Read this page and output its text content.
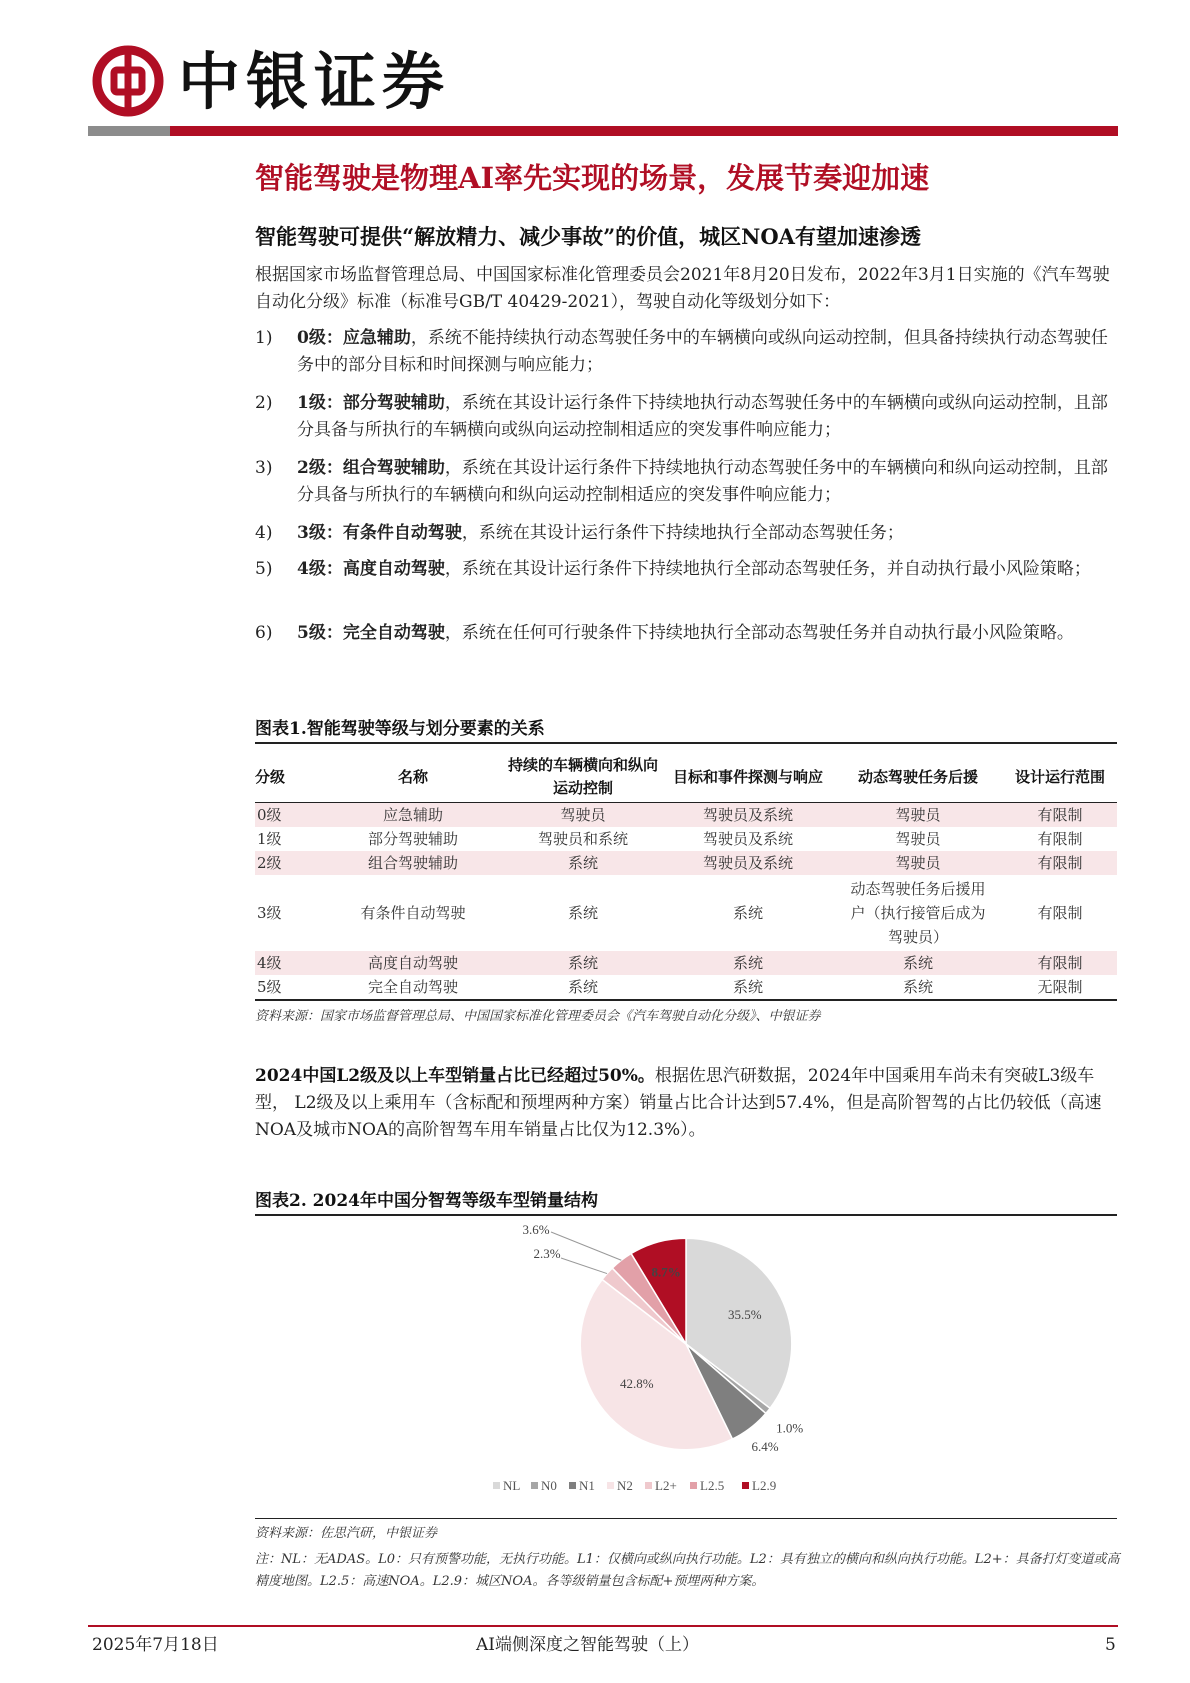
中银证券
智能驾驶是物理AI率先实现的场景，发展节奏迎加速
智能驾驶可提供“解放精力、减少事故”的价值，城区NOA有望加速渗透
根据国家市场监督管理总局、中国国家标准化管理委员会2021年8月20日发布，2022年3月1日实施的《汽车驾驶自动化分级》标准（标准号GB/T 40429-2021），驾驶自动化等级划分如下：
1) 0级：应急辅助，系统不能持续执行动态驾驶任务中的车辆横向或纵向运动控制，但具备持续执行动态驾驶任务中的部分目标和时间探测与响应能力；
2) 1级：部分驾驶辅助，系统在其设计运行条件下持续地执行动态驾驶任务中的车辆横向或纵向运动控制，且部分具备与所执行的车辆横向或纵向运动控制相适应的突发事件响应能力；
3) 2级：组合驾驶辅助，系统在其设计运行条件下持续地执行动态驾驶任务中的车辆横向和纵向运动控制，且部分具备与所执行的车辆横向和纵向运动控制相适应的突发事件响应能力；
4) 3级：有条件自动驾驶，系统在其设计运行条件下持续地执行全部动态驾驶任务；
5) 4级：高度自动驾驶，系统在其设计运行条件下持续地执行全部动态驾驶任务，并自动执行最小风险策略；
6) 5级：完全自动驾驶，系统在任何可行驶条件下持续地执行全部动态驾驶任务并自动执行最小风险策略。
图表1.智能驾驶等级与划分要素的关系
分级	名称	持续的车辆横向和纵向运动控制	目标和事件探测与响应	动态驾驶任务后援	设计运行范围
0级	应急辅助	驾驶员	驾驶员及系统	驾驶员	有限制
1级	部分驾驶辅助	驾驶员和系统	驾驶员及系统	驾驶员	有限制
2级	组合驾驶辅助	系统	驾驶员及系统	驾驶员	有限制
3级	有条件自动驾驶	系统	系统	动态驾驶任务后援用户（执行接管后成为驾驶员）	有限制
4级	高度自动驾驶	系统	系统	系统	有限制
5级	完全自动驾驶	系统	系统	系统	无限制
资料来源：国家市场监督管理总局、中国国家标准化管理委员会《汽车驾驶自动化分级》、中银证券
2024中国L2级及以上车型销量占比已经超过50%。根据佐思汽研数据，2024年中国乘用车尚未有突破L3级车型， L2级及以上乘用车（含标配和预埋两种方案）销量占比合计达到57.4%，但是高阶智驾的占比仍较低（高速NOA及城市NOA的高阶智驾车用车销量占比仅为12.3%）。
图表2. 2024年中国分智驾等级车型销量结构
35.5%
1.0%
6.4%
42.8%
2.3%
3.6%
8.7%
NL N0 N1 N2 L2+ L2.5 L2.9
资料来源：佐思汽研，中银证券
注：NL：无ADAS。L0：只有预警功能，无执行功能。L1：仅横向或纵向执行功能。L2：具有独立的横向和纵向执行功能。L2+：具备打灯变道或高精度地图。L2.5：高速NOA。L2.9：城区NOA。各等级销量包含标配+预埋两种方案。
2025年7月18日	AI端侧深度之智能驾驶（上）	5
